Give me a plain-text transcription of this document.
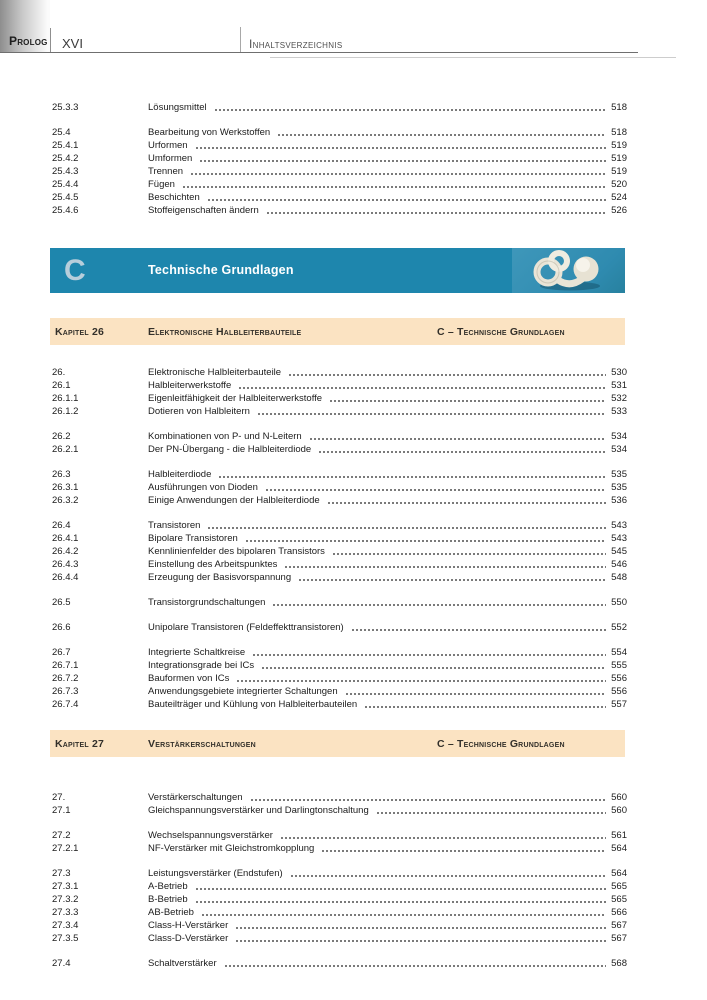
Prolog XVI	Inhaltsverzeichnis
25.3.3	Lösungsmittel	518
25.4	Bearbeitung von Werkstoffen	518
25.4.1	Urformen	519
25.4.2	Umformen	519
25.4.3	Trennen	519
25.4.4	Fügen	520
25.4.5	Beschichten	524
25.4.6	Stoffeigenschaften ändern	526
C	Technische Grundlagen
Kapitel 26	Elektronische Halbleiterbauteile	C – Technische Grundlagen
26.	Elektronische Halbleiterbauteile	530
26.1	Halbleiterwerkstoffe	531
26.1.1	Eigenleitfähigkeit der Halbleiterwerkstoffe	532
26.1.2	Dotieren von Halbleitern	533
26.2	Kombinationen von P- und N-Leitern	534
26.2.1	Der PN-Übergang - die Halbleiterdiode	534
26.3	Halbleiterdiode	535
26.3.1	Ausführungen von Dioden	535
26.3.2	Einige Anwendungen der Halbleiterdiode	536
26.4	Transistoren	543
26.4.1	Bipolare Transistoren	543
26.4.2	Kennlinienfelder des bipolaren Transistors	545
26.4.3	Einstellung des Arbeitspunktes	546
26.4.4	Erzeugung der Basisvorspannung	548
26.5	Transistorgrundschaltungen	550
26.6	Unipolare Transistoren (Feldeffekttransistoren)	552
26.7	Integrierte Schaltkreise	554
26.7.1	Integrationsgrade bei ICs	555
26.7.2	Bauformen von ICs	556
26.7.3	Anwendungsgebiete integrierter Schaltungen	556
26.7.4	Bauteilträger und Kühlung von Halbleiterbauteilen	557
Kapitel 27	Verstärkerschaltungen	C – Technische Grundlagen
27.	Verstärkerschaltungen	560
27.1	Gleichspannungsverstärker und Darlingtonschaltung	560
27.2	Wechselspannungsverstärker	561
27.2.1	NF-Verstärker mit Gleichstromkopplung	564
27.3	Leistungsverstärker (Endstufen)	564
27.3.1	A-Betrieb	565
27.3.2	B-Betrieb	565
27.3.3	AB-Betrieb	566
27.3.4	Class-H-Verstärker	567
27.3.5	Class-D-Verstärker	567
27.4	Schaltverstärker	568
